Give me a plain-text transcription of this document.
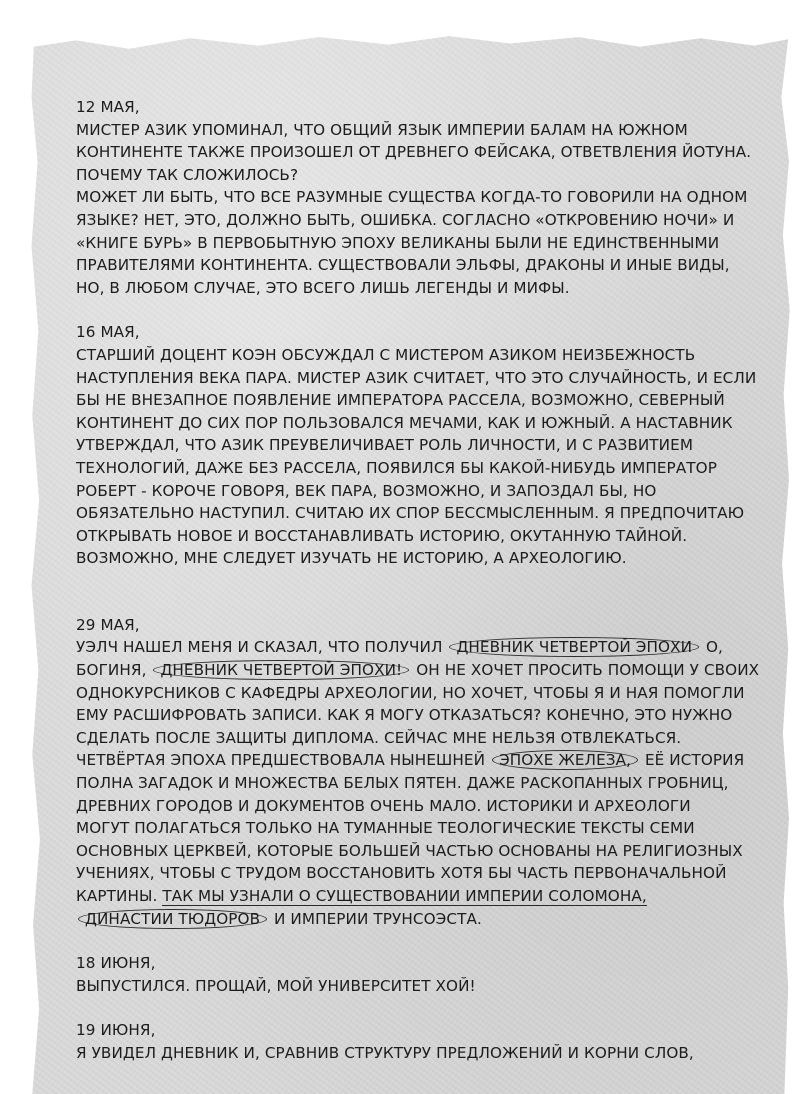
12 МАЯ,
МИСТЕР АЗИК УПОМИНАЛ, ЧТО ОБЩИЙ ЯЗЫК ИМПЕРИИ БАЛАМ НА ЮЖНОМ
КОНТИНЕНТЕ ТАКЖЕ ПРОИЗОШЕЛ ОТ ДРЕВНЕГО ФЕЙСАКА, ОТВЕТВЛЕНИЯ ЙОТУНА.
ПОЧЕМУ ТАК СЛОЖИЛОСЬ?
МОЖЕТ ЛИ БЫТЬ, ЧТО ВСЕ РАЗУМНЫЕ СУЩЕСТВА КОГДА-ТО ГОВОРИЛИ НА ОДНОМ
ЯЗЫКЕ? НЕТ, ЭТО, ДОЛЖНО БЫТЬ, ОШИБКА. СОГЛАСНО «ОТКРОВЕНИЮ НОЧИ» И
«КНИГЕ БУРЬ» В ПЕРВОБЫТНУЮ ЭПОХУ ВЕЛИКАНЫ БЫЛИ НЕ ЕДИНСТВЕННЫМИ
ПРАВИТЕЛЯМИ КОНТИНЕНТА. СУЩЕСТВОВАЛИ ЭЛЬФЫ, ДРАКОНЫ И ИНЫЕ ВИДЫ,
НО, В ЛЮБОМ СЛУЧАЕ, ЭТО ВСЕГО ЛИШЬ ЛЕГЕНДЫ И МИФЫ.
16 МАЯ,
СТАРШИЙ ДОЦЕНТ КОЭН ОБСУЖДАЛ С МИСТЕРОМ АЗИКОМ НЕИЗБЕЖНОСТЬ
НАСТУПЛЕНИЯ ВЕКА ПАРА. МИСТЕР АЗИК СЧИТАЕТ, ЧТО ЭТО СЛУЧАЙНОСТЬ, И ЕСЛИ
БЫ НЕ ВНЕЗАПНОЕ ПОЯВЛЕНИЕ ИМПЕРАТОРА РАССЕЛА, ВОЗМОЖНО, СЕВЕРНЫЙ
КОНТИНЕНТ ДО СИХ ПОР ПОЛЬЗОВАЛСЯ МЕЧАМИ, КАК И ЮЖНЫЙ. А НАСТАВНИК
УТВЕРЖДАЛ, ЧТО АЗИК ПРЕУВЕЛИЧИВАЕТ РОЛЬ ЛИЧНОСТИ, И С РАЗВИТИЕМ
ТЕХНОЛОГИЙ, ДАЖЕ БЕЗ РАССЕЛА, ПОЯВИЛСЯ БЫ КАКОЙ-НИБУДЬ ИМПЕРАТОР
РОБЕРТ - КОРОЧЕ ГОВОРЯ, ВЕК ПАРА, ВОЗМОЖНО, И ЗАПОЗДАЛ БЫ, НО
ОБЯЗАТЕЛЬНО НАСТУПИЛ. СЧИТАЮ ИХ СПОР БЕССМЫСЛЕННЫМ. Я ПРЕДПОЧИТАЮ
ОТКРЫВАТЬ НОВОЕ И ВОССТАНАВЛИВАТЬ ИСТОРИЮ, ОКУТАННУЮ ТАЙНОЙ.
ВОЗМОЖНО, МНЕ СЛЕДУЕТ ИЗУЧАТЬ НЕ ИСТОРИЮ, А АРХЕОЛОГИЮ.
29 МАЯ,
УЭЛЧ НАШЕЛ МЕНЯ И СКАЗАЛ, ЧТО ПОЛУЧИЛ ДНЕВНИК ЧЕТВЕРТОЙ ЭПОХИ О,
БОГИНЯ, ДНЕВНИК ЧЕТВЕРТОЙ ЭПОХИ! ОН НЕ ХОЧЕТ ПРОСИТЬ ПОМОЩИ У СВОИХ
ОДНОКУРСНИКОВ С КАФЕДРЫ АРХЕОЛОГИИ, НО ХОЧЕТ, ЧТОБЫ Я И НАЯ ПОМОГЛИ
ЕМУ РАСШИФРОВАТЬ ЗАПИСИ. КАК Я МОГУ ОТКАЗАТЬСЯ? КОНЕЧНО, ЭТО НУЖНО
СДЕЛАТЬ ПОСЛЕ ЗАЩИТЫ ДИПЛОМА. СЕЙЧАС МНЕ НЕЛЬЗЯ ОТВЛЕКАТЬСЯ.
ЧЕТВЁРТАЯ ЭПОХА ПРЕДШЕСТВОВАЛА НЫНЕШНЕЙ ЭПОХЕ ЖЕЛЕЗА, ЕЁ ИСТОРИЯ
ПОЛНА ЗАГАДОК И МНОЖЕСТВА БЕЛЫХ ПЯТЕН. ДАЖЕ РАСКОПАННЫХ ГРОБНИЦ,
ДРЕВНИХ ГОРОДОВ И ДОКУМЕНТОВ ОЧЕНЬ МАЛО. ИСТОРИКИ И АРХЕОЛОГИ
МОГУТ ПОЛАГАТЬСЯ ТОЛЬКО НА ТУМАННЫЕ ТЕОЛОГИЧЕСКИЕ ТЕКСТЫ СЕМИ
ОСНОВНЫХ ЦЕРКВЕЙ, КОТОРЫЕ БОЛЬШЕЙ ЧАСТЬЮ ОСНОВАНЫ НА РЕЛИГИОЗНЫХ
УЧЕНИЯХ, ЧТОБЫ С ТРУДОМ ВОССТАНОВИТЬ ХОТЯ БЫ ЧАСТЬ ПЕРВОНАЧАЛЬНОЙ
КАРТИНЫ. ТАК МЫ УЗНАЛИ О СУЩЕСТВОВАНИИ ИМПЕРИИ СОЛОМОНА,
ДИНАСТИИ ТЮДОРОВ И ИМПЕРИИ ТРУНСОЭСТА.
18 ИЮНЯ,
ВЫПУСТИЛСЯ. ПРОЩАЙ, МОЙ УНИВЕРСИТЕТ ХОЙ!
19 ИЮНЯ,
Я УВИДЕЛ ДНЕВНИК И, СРАВНИВ СТРУКТУРУ ПРЕДЛОЖЕНИЙ И КОРНИ СЛОВ,
